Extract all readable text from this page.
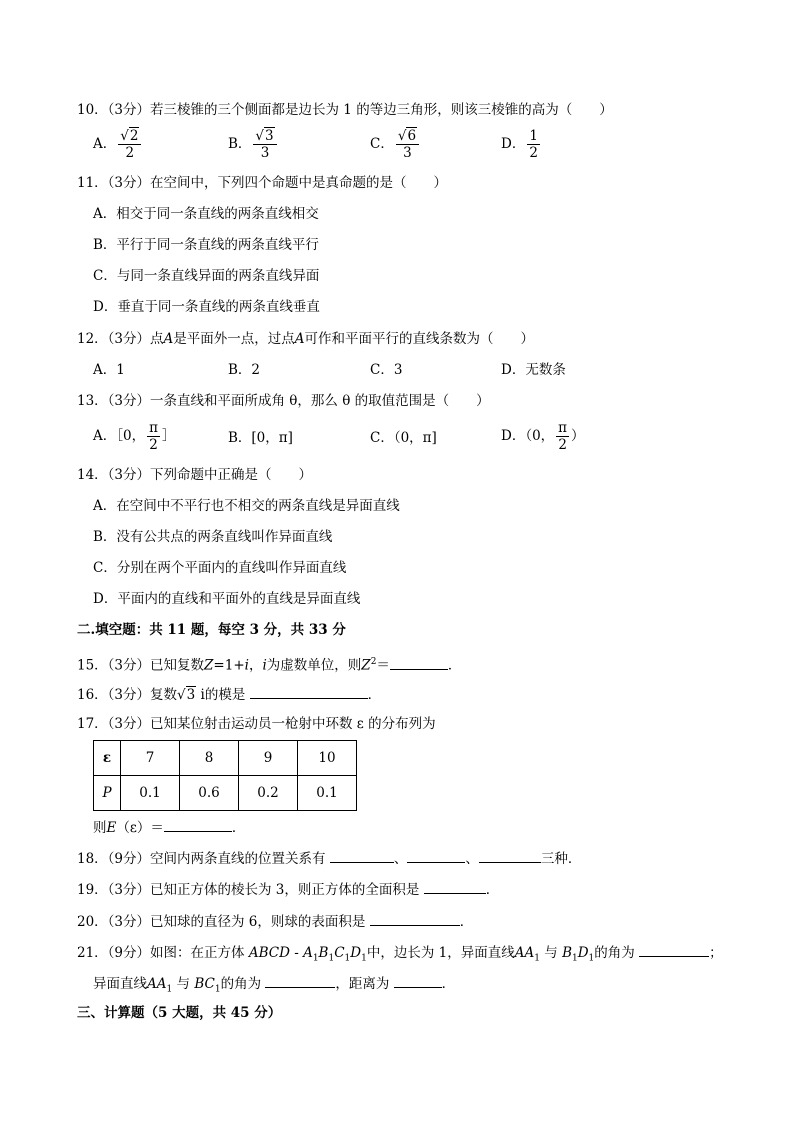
10．（3分）若三棱锥的三个侧面都是边长为 1 的等边三角形，则该三棱锥的高为（　　）
A． $\frac{√2}{2}$	B． $\frac{√3}{3}$	C． $\frac{√6}{3}$	D． $\frac{1}{2}$
11．（3分）在空间中，下列四个命题中是真命题的是（　　）
A．相交于同一条直线的两条直线相交
B．平行于同一条直线的两条直线平行
C．与同一条直线异面的两条直线异面
D．垂直于同一条直线的两条直线垂直
12．（3分）点A是平面外一点，过点A可作和平面平行的直线条数为（　　）
A．1	B．2	C．3	D．无数条
13．（3分）一条直线和平面所成角 θ，那么 θ 的取值范围是（　　）
A．［0， $\frac{\pi}{2}$ ］	B．[0，π]	C．（0，π]	D．（0， $\frac{\pi}{2}$ ）
14．（3分）下列命题中正确是（　　）
A．在空间中不平行也不相交的两条直线是异面直线
B．没有公共点的两条直线叫作异面直线
C．分别在两个平面内的直线叫作异面直线
D．平面内的直线和平面外的直线是异面直线
二.填空题：共 11 题，每空 3 分，共 33 分
15．（3分）已知复数Z=1+i，i为虚数单位，则$Z^2=$	．
16．（3分）复数√3 i的模是	．
17．（3分）已知某位射击运动员一枪射中环数 ε 的分布列为
ε	7	8	9	10
P	0.1	0.6	0.2	0.1
则E（ε）＝	．
18．（9分）空间内两条直线的位置关系有	、	、	三种．
19．（3分）已知正方体的棱长为 3，则正方体的全面积是	．
20．（3分）已知球的直径为 6，则球的表面积是	．
21．（9分）如图：在正方体 ABCD - $A_1B_1C_1D_1$中，边长为 1，异面直线$AA_1$ 与 $B_1D_1$的角为	；
异面直线$AA_1$ 与 $BC_1$的角为	，距离为	．
三、计算题（5 大题，共 45 分）
